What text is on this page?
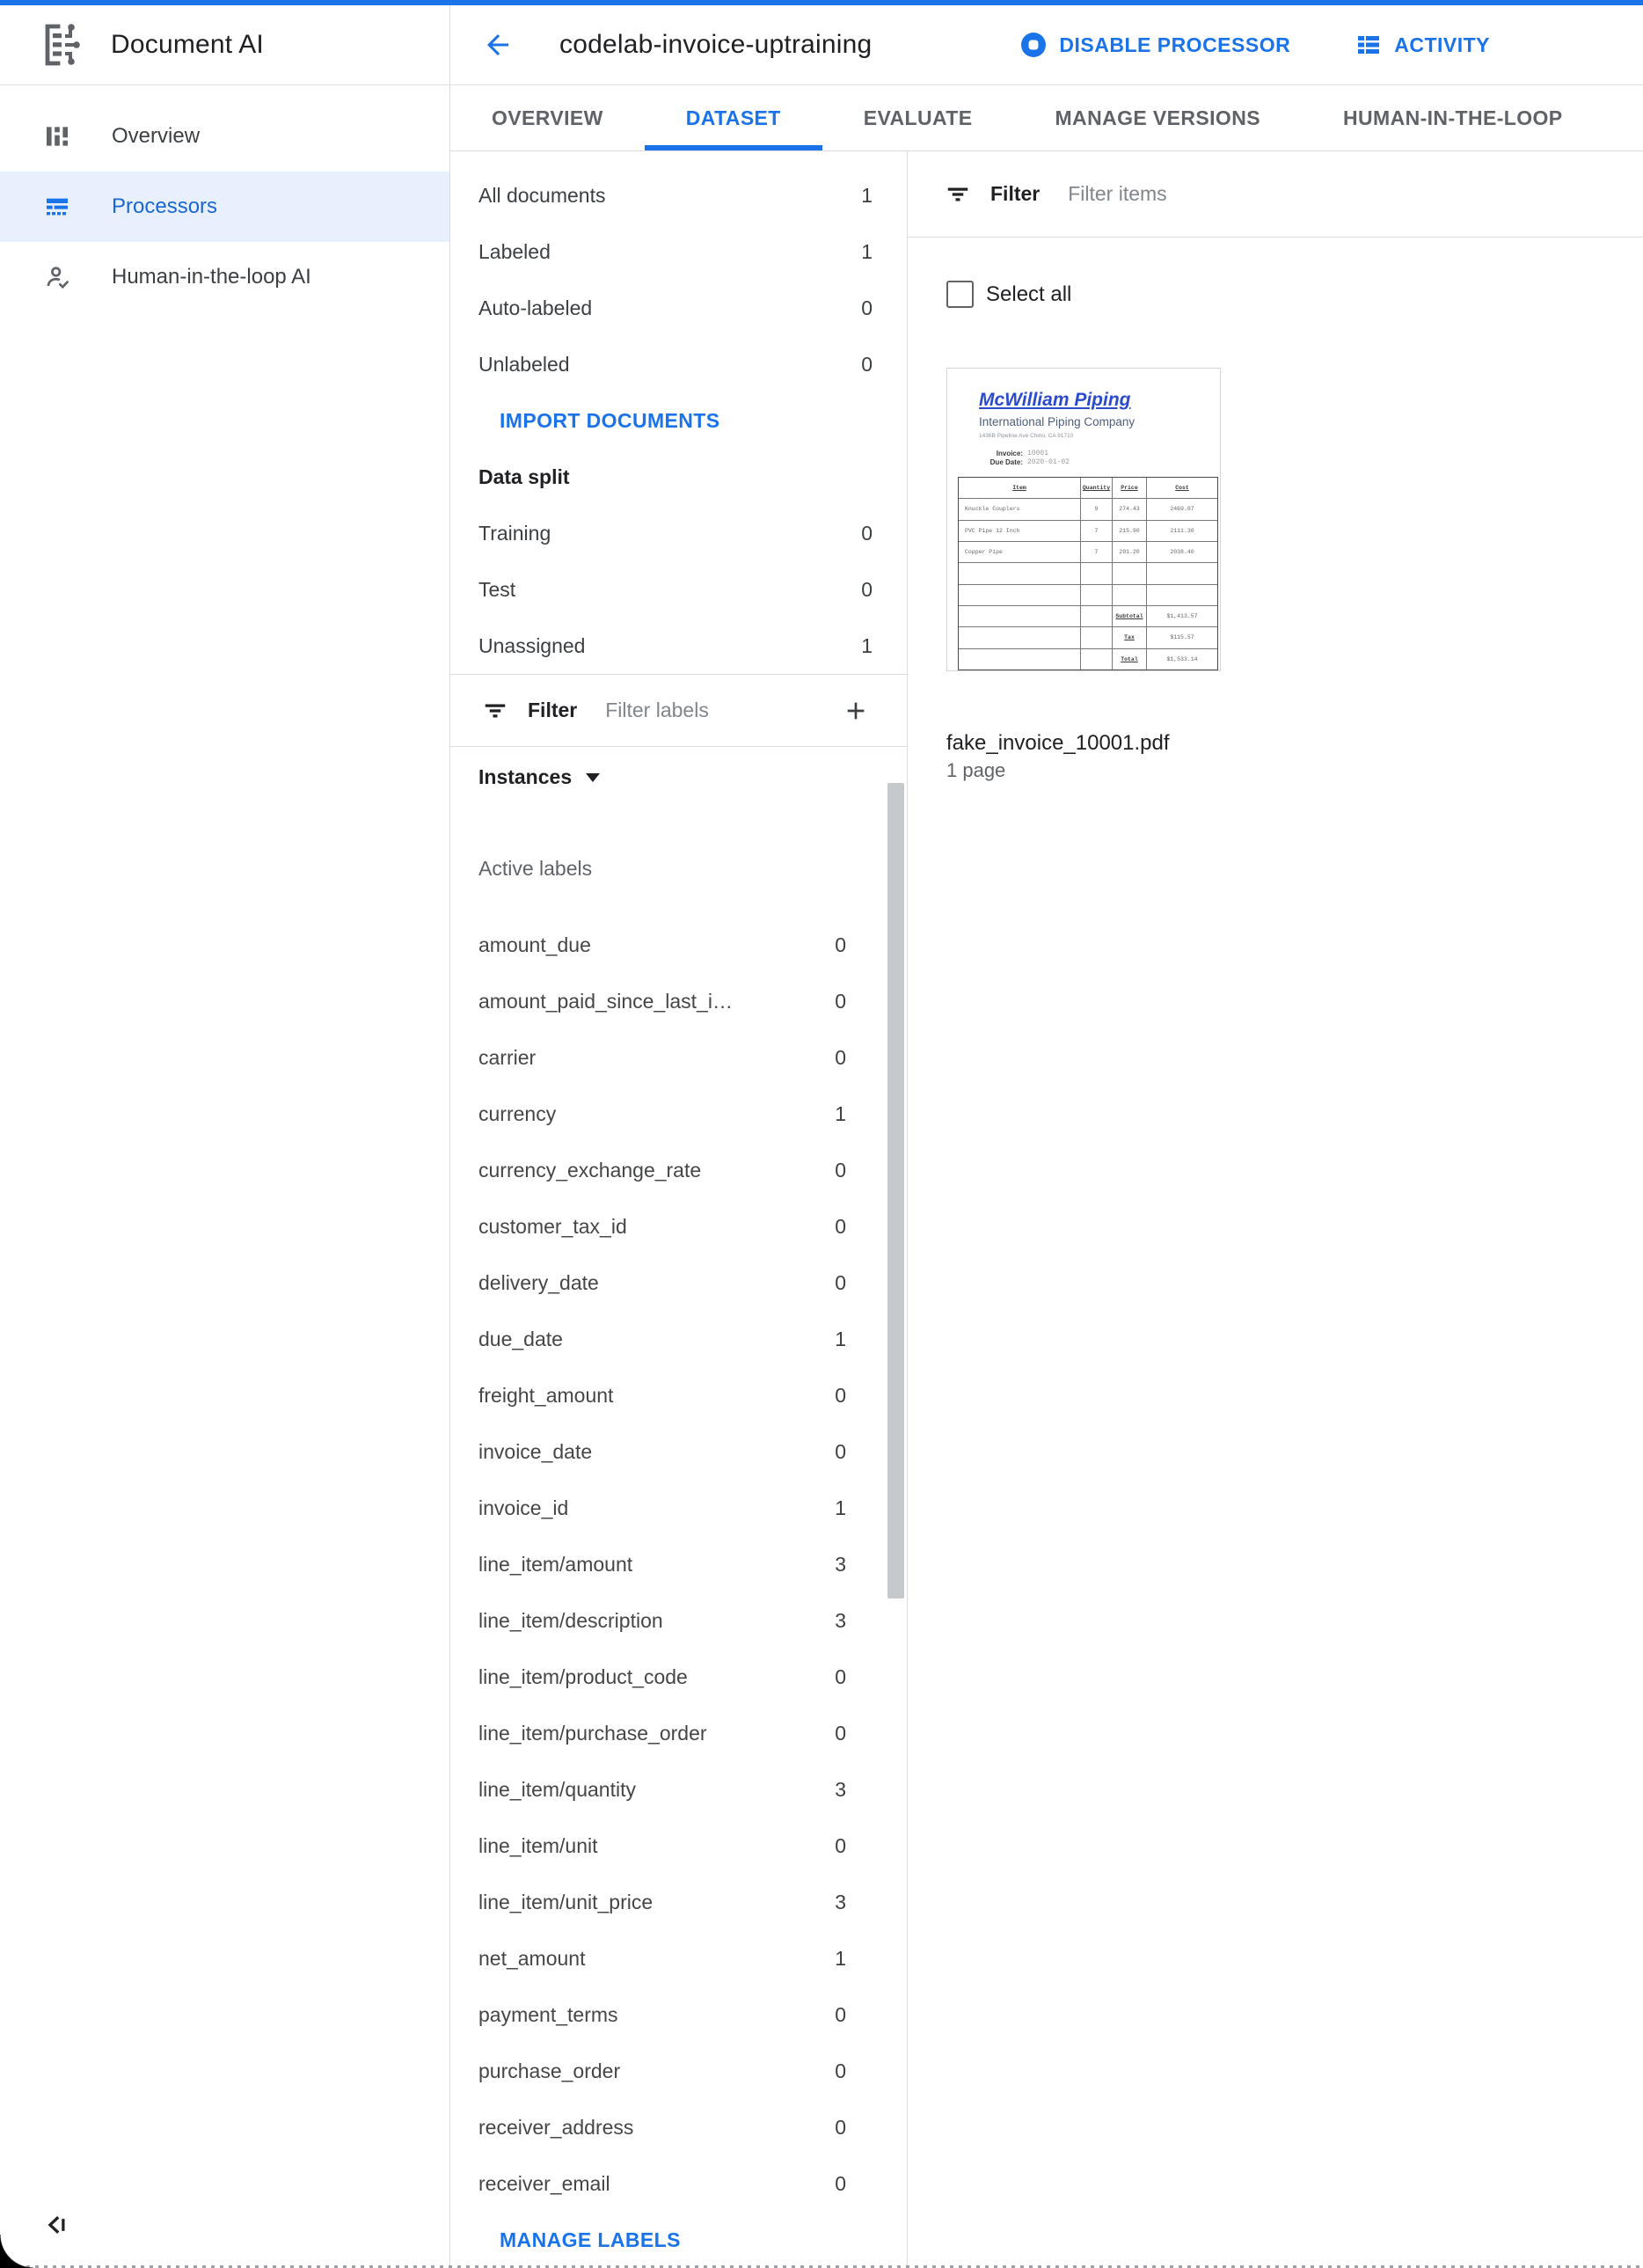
Document AI
Overview
Processors
Human-in-the-loop AI
codelab-invoice-uptraining	DISABLE PROCESSOR	ACTIVITY
OVERVIEW	DATASET	EVALUATE	MANAGE VERSIONS	HUMAN-IN-THE-LOOP
All documents	1
Labeled	1
Auto-labeled	0
Unlabeled	0
IMPORT DOCUMENTS
Data split
Training	0
Test	0
Unassigned	1
Filter Filter labels
Instances
Active labels
amount_due	0
amount_paid_since_last_i…	0
carrier	0
currency	1
currency_exchange_rate	0
customer_tax_id	0
delivery_date	0
due_date	1
freight_amount	0
invoice_date	0
invoice_id	1
line_item/amount	3
line_item/description	3
line_item/product_code	0
line_item/purchase_order	0
line_item/quantity	3
line_item/unit	0
line_item/unit_price	3
net_amount	1
payment_terms	0
purchase_order	0
receiver_address	0
receiver_email	0
MANAGE LABELS
Filter Filter items
Select all
McWilliam Piping
International Piping Company
1436B Pipeline Ave Chino, CA 91710
Invoice: 10001
Due Date: 2020-01-02
Item	Quantity	Price	Cost
Knuckle Couplers	9	274.43	2469.87
PVC Pipe 12 Inch	7	215.90	2111.30
Copper Pipe	7	291.20	2038.40
Subtotal	$1,413.57
Tax	$115.57
Total	$1,533.14
fake_invoice_10001.pdf
1 page
